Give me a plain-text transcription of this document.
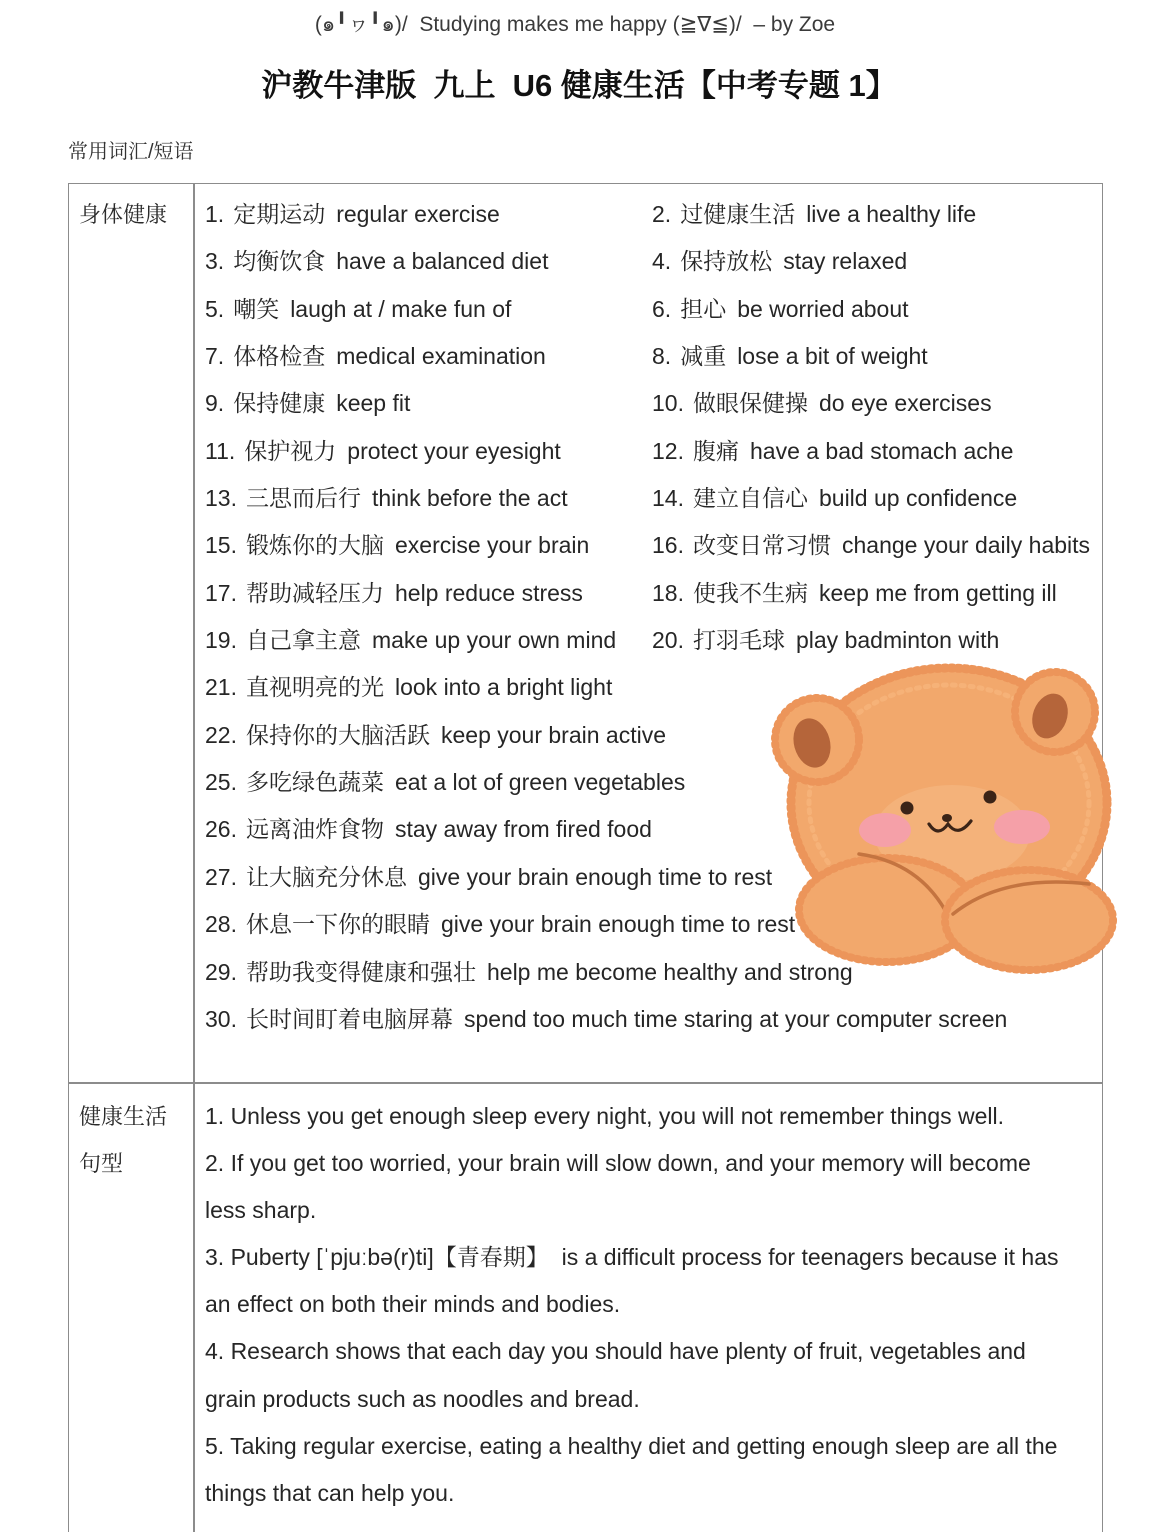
(๑╹ヮ╹๑)/  Studying makes me happy (≧∇≦)/  – by Zoe
沪教牛津版  九上  U6 健康生活【中考专题 1】
常用词汇/短语
身体健康 1. 定期运动 regular exercise	2. 过健康生活 live a healthy life
3. 均衡饮食 have a balanced diet	4. 保持放松 stay relaxed
5. 嘲笑 laugh at / make fun of	6. 担心 be worried about
7. 体格检查 medical examination	8. 减重 lose a bit of weight
9. 保持健康 keep fit	10. 做眼保健操 do eye exercises
11. 保护视力 protect your eyesight	12. 腹痛 have a bad stomach ache
13. 三思而后行 think before the act	14. 建立自信心 build up confidence
15. 锻炼你的大脑 exercise your brain	16. 改变日常习惯 change your daily habits
17. 帮助减轻压力 help reduce stress	18. 使我不生病 keep me from getting ill
19. 自己拿主意 make up your own mind 20. 打羽毛球 play badminton with
21. 直视明亮的光 look into a bright light
22. 保持你的大脑活跃 keep your brain active
25. 多吃绿色蔬菜 eat a lot of green vegetables
26. 远离油炸食物 stay away from fired food
27. 让大脑充分休息 give your brain enough time to rest
28. 休息一下你的眼睛 give your brain enough time to rest
29. 帮助我变得健康和强壮 help me become healthy and strong
30. 长时间盯着电脑屏幕 spend too much time staring at your computer screen
健康生活
句型
1. Unless you get enough sleep every night, you will not remember things well.
2. If you get too worried, your brain will slow down, and your memory will become
less sharp.
3. Puberty [ˈpjuːbə(r)ti]【青春期】  is a difficult process for teenagers because it has
an effect on both their minds and bodies.
4. Research shows that each day you should have plenty of fruit, vegetables and
grain products such as noodles and bread.
5. Taking regular exercise, eating a healthy diet and getting enough sleep are all the
things that can help you.
